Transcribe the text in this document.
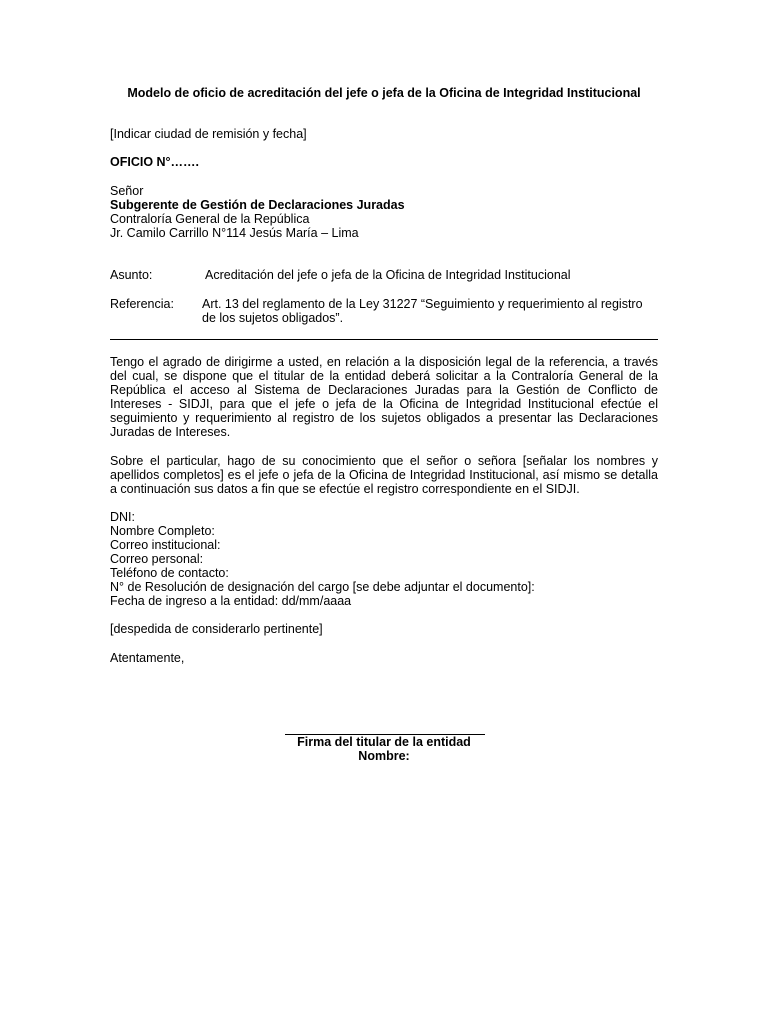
Modelo de oficio de acreditación del jefe o jefa de la Oficina de Integridad Institucional
[Indicar ciudad de remisión y fecha]
OFICIO N°…….
Señor
Subgerente de Gestión de Declaraciones Juradas
Contraloría General de la República
Jr. Camilo Carrillo N°114 Jesús María – Lima
Asunto:	Acreditación del jefe o jefa de la Oficina de Integridad Institucional
Referencia: Art. 13 del reglamento de la Ley 31227 “Seguimiento y requerimiento al registro de los sujetos obligados”.
Tengo el agrado de dirigirme a usted, en relación a la disposición legal de la referencia, a través del cual, se dispone que el titular de la entidad deberá solicitar a la Contraloría General de la República el acceso al Sistema de Declaraciones Juradas para la Gestión de Conflicto de Intereses - SIDJI, para que el jefe o jefa de la Oficina de Integridad Institucional efectúe el seguimiento y requerimiento al registro de los sujetos obligados a presentar las Declaraciones Juradas de Intereses.
Sobre el particular, hago de su conocimiento que el señor o señora [señalar los nombres y apellidos completos] es el jefe o jefa de la Oficina de Integridad Institucional, así mismo se detalla a continuación sus datos a fin que se efectúe el registro correspondiente en el SIDJI.
DNI:
Nombre Completo:
Correo institucional:
Correo personal:
Teléfono de contacto:
N° de Resolución de designación del cargo [se debe adjuntar el documento]:
Fecha de ingreso a la entidad: dd/mm/aaaa
[despedida de considerarlo pertinente]
Atentamente,
Firma del titular de la entidad
Nombre:
